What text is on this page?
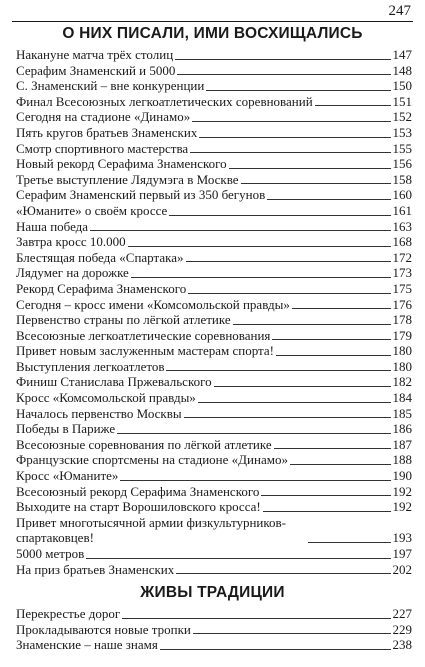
247
О НИХ ПИСАЛИ, ИМИ ВОСХИЩАЛИСЬ
Накануне матча трёх столиц	147
Серафим Знаменский и 5000	148
С. Знаменский – вне конкуренции	150
Финал Всесоюзных легкоатлетических соревнований	151
Сегодня на стадионе «Динамо»	152
Пять кругов братьев Знаменских	153
Смотр спортивного мастерства	155
Новый рекорд Серафима Знаменского	156
Третье выступление Лядумэга в Москве	158
Серафим Знаменский первый из 350 бегунов	160
«Юманите» о своём кроссе	161
Наша победа	163
Завтра кросс 10.000	168
Блестящая победа «Спартака»	172
Лядумег на дорожке	173
Рекорд Серафима Знаменского	175
Сегодня – кросс имени «Комсомольской правды»	176
Первенство страны по лёгкой атлетике	178
Всесоюзные легкоатлетические соревнования	179
Привет новым заслуженным мастерам спорта!	180
Выступления легкоатлетов	180
Финиш Станислава Пржевальского	182
Кросс «Комсомольской правды»	184
Началось первенство Москвы	185
Победы в Париже	186
Всесоюзные соревнования по лёгкой атлетике	187
Французские спортсмены на стадионе «Динамо»	188
Кросс «Юманите»	190
Всесоюзный рекорд Серафима Знаменского	192
Выходите на старт Ворошиловского кросса!	192
Привет многотысячной армии физкультурников-спартаковцев!	193
5000 метров	197
На приз братьев Знаменских	202
ЖИВЫ ТРАДИЦИИ
Перекрестье дорог	227
Прокладываются новые тропки	229
Знаменские – наше знамя	238
